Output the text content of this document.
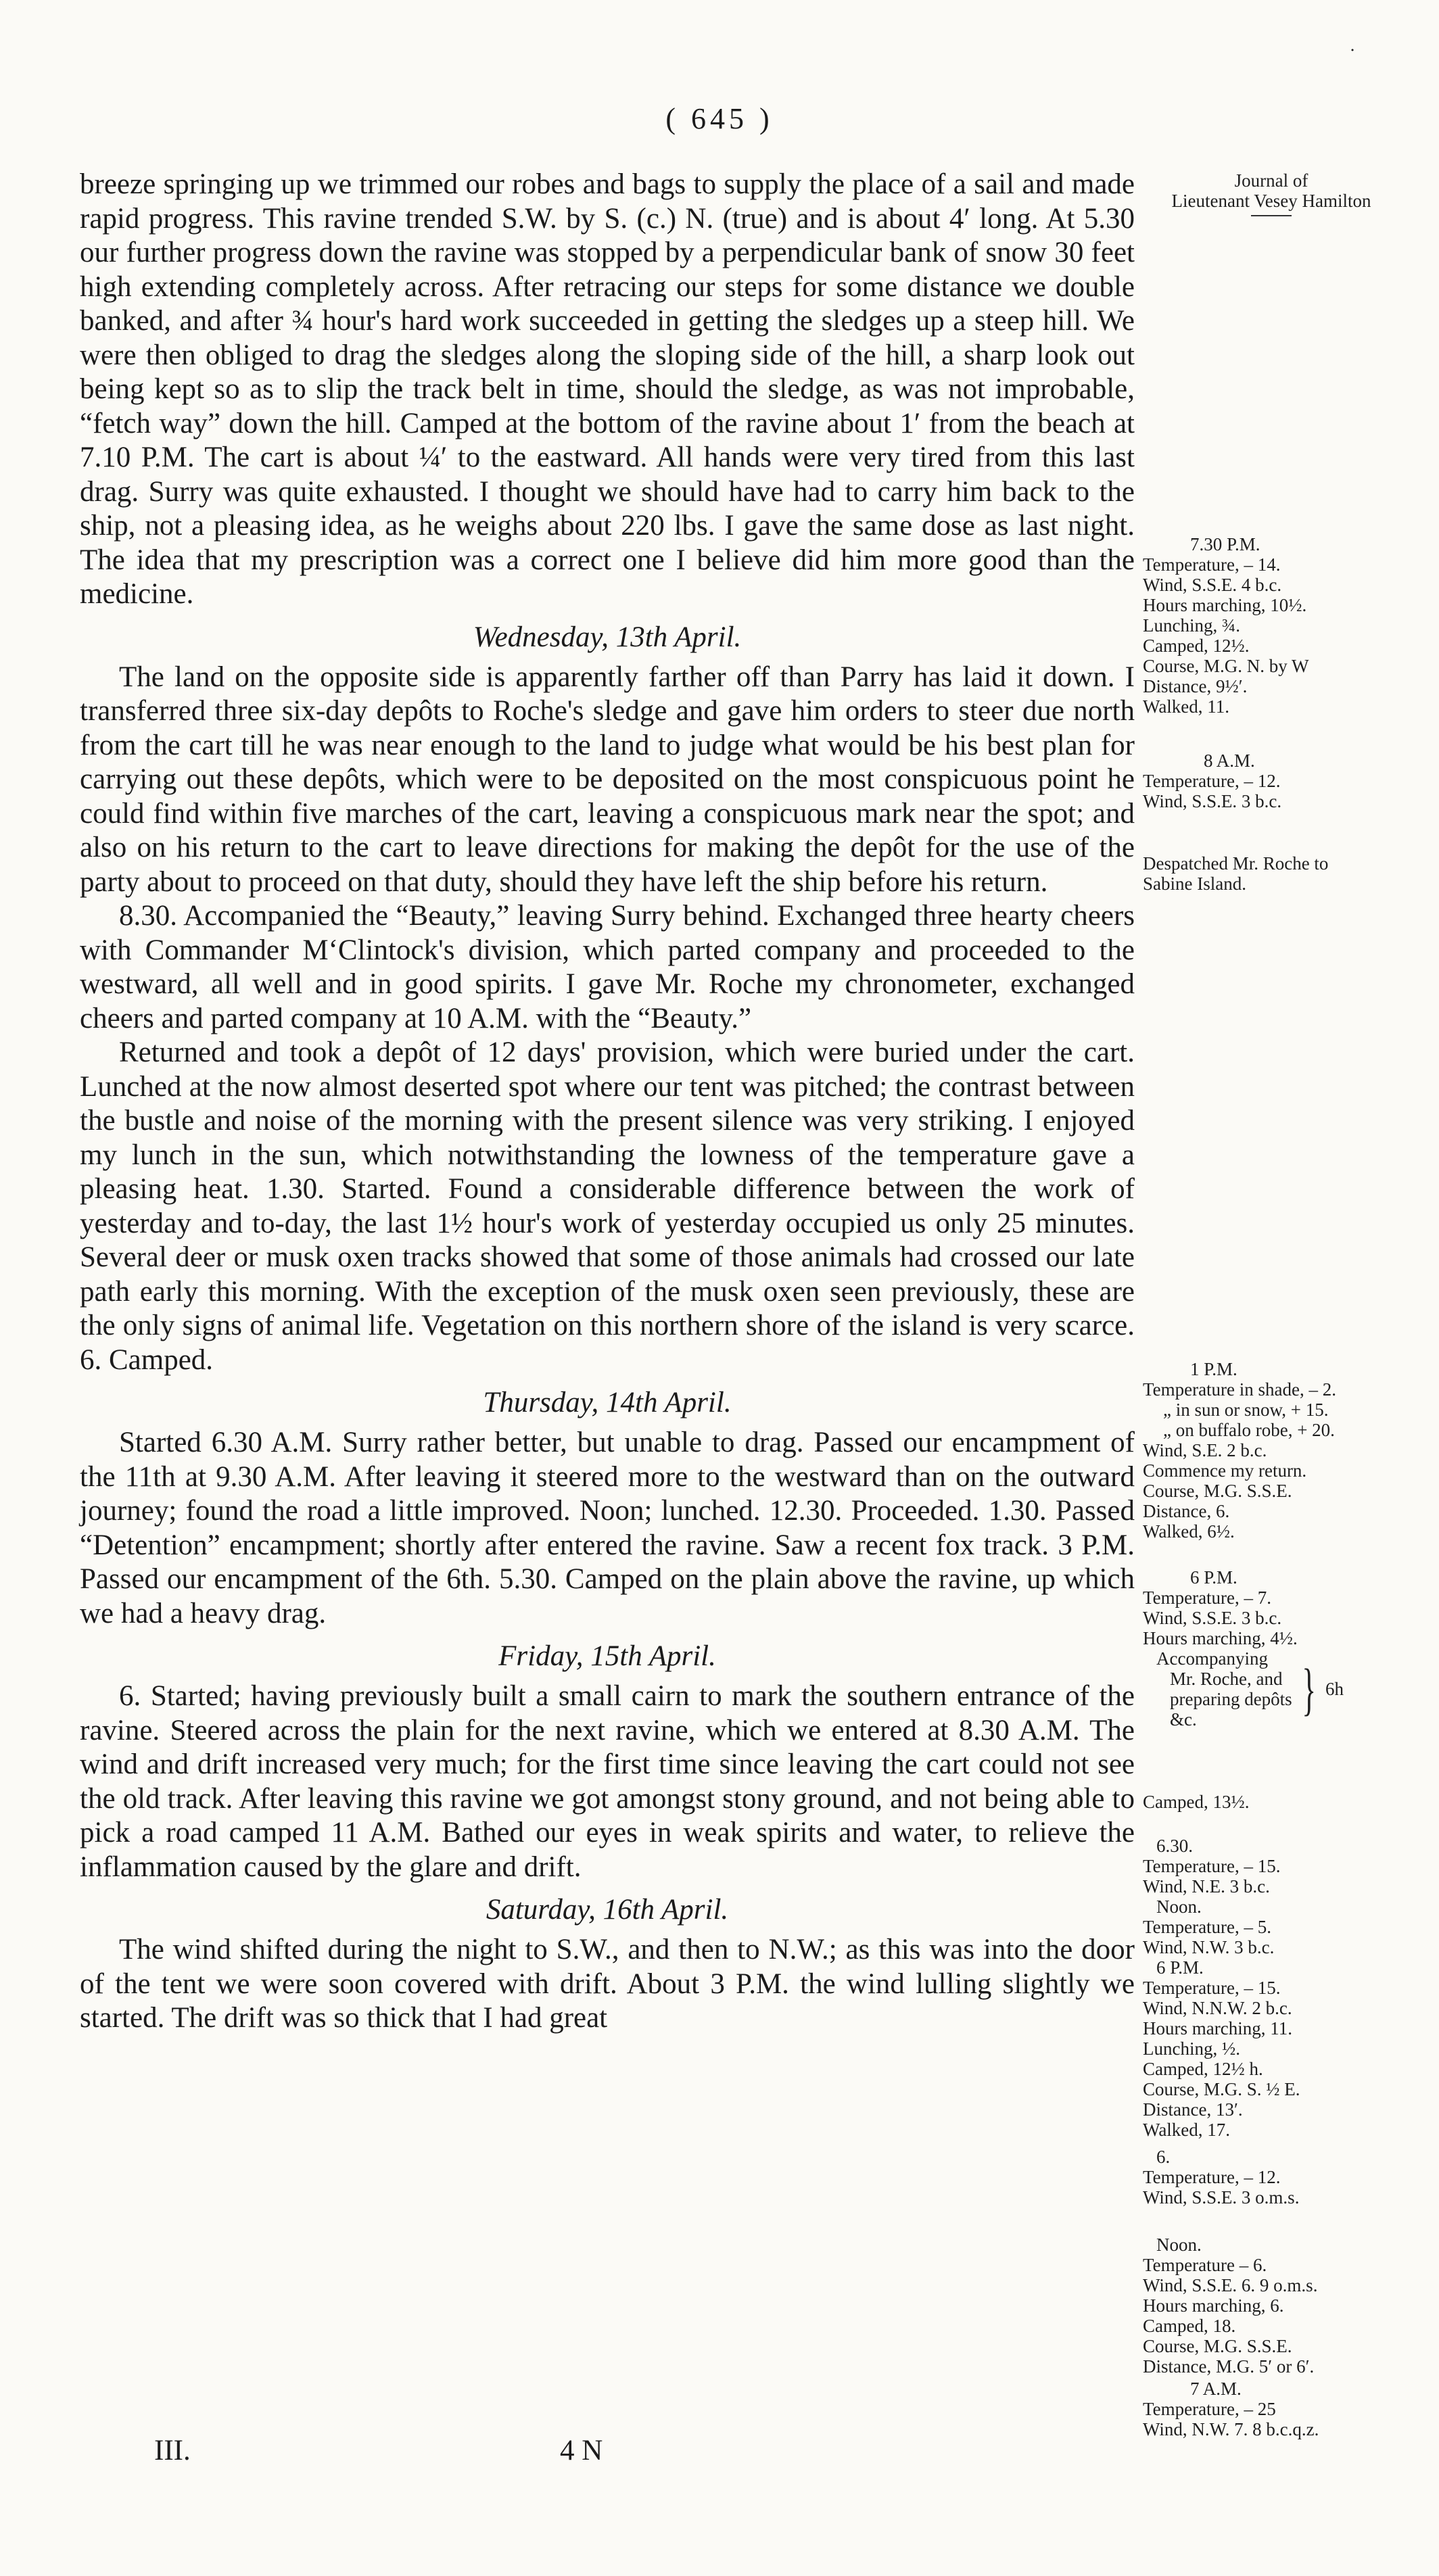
˙
( 645 )

breeze springing up we trimmed our robes and bags to supply the place of a sail and made rapid progress. This ravine trended S.W. by S. (c.) N. (true) and is about 4′ long. At 5.30 our further progress down the ravine was stopped by a perpendicular bank of snow 30 feet high extending completely across. After retracing our steps for some distance we double banked, and after ¾ hour's hard work succeeded in getting the sledges up a steep hill. We were then obliged to drag the sledges along the sloping side of the hill, a sharp look out being kept so as to slip the track belt in time, should the sledge, as was not improbable, “fetch way” down the hill. Camped at the bottom of the ravine about 1′ from the beach at 7.10 P.M. The cart is about ¼′ to the eastward. All hands were very tired from this last drag. Surry was quite exhausted. I thought we should have had to carry him back to the ship, not a pleasing idea, as he weighs about 220 lbs. I gave the same dose as last night. The idea that my prescription was a correct one I believe did him more good than the medicine.

Wednesday, 13th April.

The land on the opposite side is apparently farther off than Parry has laid it down. I transferred three six-day depôts to Roche's sledge and gave him orders to steer due north from the cart till he was near enough to the land to judge what would be his best plan for carrying out these depôts, which were to be deposited on the most conspicuous point he could find within five marches of the cart, leaving a conspicuous mark near the spot; and also on his return to the cart to leave directions for making the depôt for the use of the party about to proceed on that duty, should they have left the ship before his return.

8.30. Accompanied the “Beauty,” leaving Surry behind. Exchanged three hearty cheers with Commander M‘Clintock's division, which parted company and proceeded to the westward, all well and in good spirits. I gave Mr. Roche my chronometer, exchanged cheers and parted company at 10 A.M. with the “Beauty.”

Returned and took a depôt of 12 days' provision, which were buried under the cart. Lunched at the now almost deserted spot where our tent was pitched; the contrast between the bustle and noise of the morning with the present silence was very striking. I enjoyed my lunch in the sun, which notwithstanding the lowness of the temperature gave a pleasing heat. 1.30. Started. Found a considerable difference between the work of yesterday and to-day, the last 1½ hour's work of yesterday occupied us only 25 minutes. Several deer or musk oxen tracks showed that some of those animals had crossed our late path early this morning. With the exception of the musk oxen seen previously, these are the only signs of animal life. Vegetation on this northern shore of the island is very scarce. 6. Camped.

Thursday, 14th April.

Started 6.30 A.M. Surry rather better, but unable to drag. Passed our encampment of the 11th at 9.30 A.M. After leaving it steered more to the westward than on the outward journey; found the road a little improved. Noon; lunched. 12.30. Proceeded. 1.30. Passed “Detention” encampment; shortly after entered the ravine. Saw a recent fox track. 3 P.M. Passed our encampment of the 6th. 5.30. Camped on the plain above the ravine, up which we had a heavy drag.

Friday, 15th April.

6. Started; having previously built a small cairn to mark the southern entrance of the ravine. Steered across the plain for the next ravine, which we entered at 8.30 A.M. The wind and drift increased very much; for the first time since leaving the cart could not see the old track. After leaving this ravine we got amongst stony ground, and not being able to pick a road camped 11 A.M. Bathed our eyes in weak spirits and water, to relieve the inflammation caused by the glare and drift.

Saturday, 16th April.

The wind shifted during the night to S.W., and then to N.W.; as this was into the door of the tent we were soon covered with drift. About 3 P.M. the wind lulling slightly we started. The drift was so thick that I had great

Journal of
Lieutenant Vesey Hamilton
7.30 P.M.
Temperature, – 14.
Wind, S.S.E. 4 b.c.
Hours marching, 10½.
Lunching, ¾.
Camped, 12½.
Course, M.G. N. by W
Distance, 9½′.
Walked, 11.
8 A.M.
Temperature, – 12.
Wind, S.S.E. 3 b.c.
Despatched Mr. Roche to
Sabine Island.
1 P.M.
Temperature in shade, – 2.
„ in sun or snow, + 15.
„ on buffalo robe, + 20.
Wind, S.E. 2 b.c.
Commence my return.
Course, M.G. S.S.E.
Distance, 6.
Walked, 6½.
6 P.M.
Temperature, – 7.
Wind, S.S.E. 3 b.c.
Hours marching, 4½.
Accompanying
Mr. Roche, and
preparing depôts
&c.	} 6h
Camped, 13½.
6.30.
Temperature, – 15.
Wind, N.E. 3 b.c.
Noon.
Temperature, – 5.
Wind, N.W. 3 b.c.
6 P.M.
Temperature, – 15.
Wind, N.N.W. 2 b.c.
Hours marching, 11.
Lunching, ½.
Camped, 12½ h.
Course, M.G. S. ½ E.
Distance, 13′.
Walked, 17.
6.
Temperature, – 12.
Wind, S.S.E. 3 o.m.s.
Noon.
Temperature – 6.
Wind, S.S.E. 6. 9 o.m.s.
Hours marching, 6.
Camped, 18.
Course, M.G. S.S.E.
Distance, M.G. 5′ or 6′.
7 A.M.
Temperature, – 25
Wind, N.W. 7. 8 b.c.q.z.
III.	4 N
